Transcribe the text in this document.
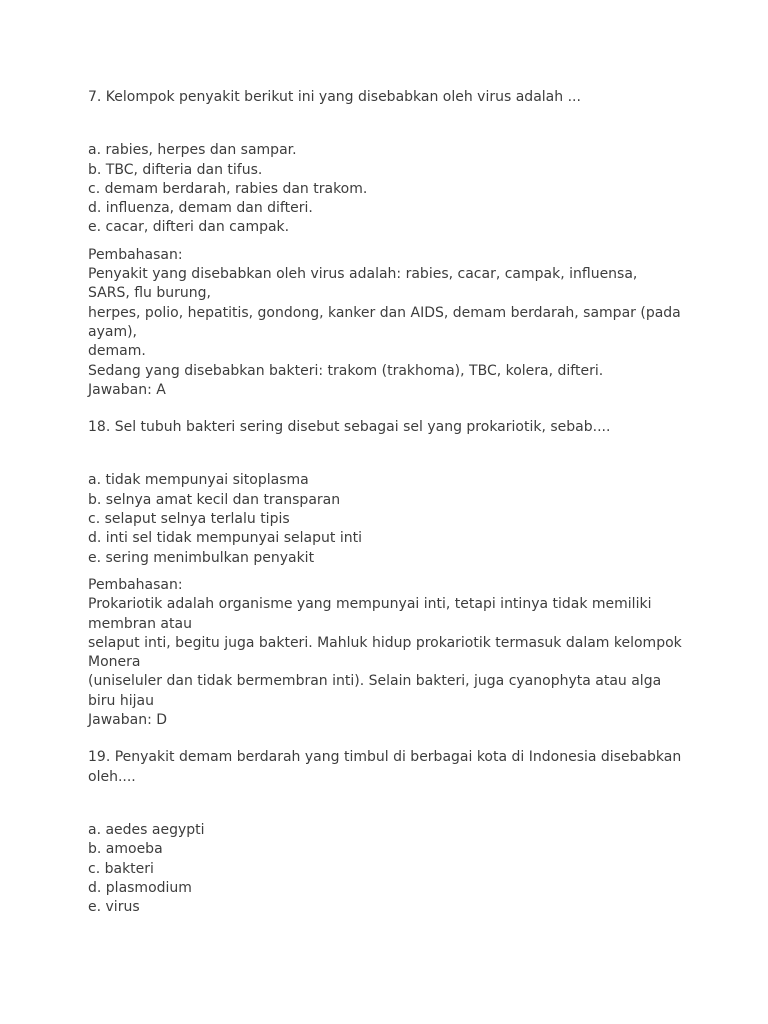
7. Kelompok penyakit berikut ini yang disebabkan oleh virus adalah ...
a. rabies, herpes dan sampar.
b. TBC, difteria dan tifus.
c. demam berdarah, rabies dan trakom.
d. influenza, demam dan difteri.
e. cacar, difteri dan campak.
Pembahasan:
Penyakit yang disebabkan oleh virus adalah: rabies, cacar, campak, influensa,
SARS, flu burung,
herpes, polio, hepatitis, gondong, kanker dan AIDS, demam berdarah, sampar (pada
ayam),
demam.
Sedang yang disebabkan bakteri: trakom (trakhoma), TBC, kolera, difteri.
Jawaban: A
18. Sel tubuh bakteri sering disebut sebagai sel yang prokariotik, sebab....
a. tidak mempunyai sitoplasma
b. selnya amat kecil dan transparan
c. selaput selnya terlalu tipis
d. inti sel tidak mempunyai selaput inti
e. sering menimbulkan penyakit
Pembahasan:
Prokariotik adalah organisme yang mempunyai inti, tetapi intinya tidak memiliki
membran atau
selaput inti, begitu juga bakteri. Mahluk hidup prokariotik termasuk dalam kelompok
Monera
(uniseluler dan tidak bermembran inti). Selain bakteri, juga cyanophyta atau alga
biru hijau
Jawaban: D
19. Penyakit demam berdarah yang timbul di berbagai kota di Indonesia disebabkan
oleh....
a. aedes aegypti
b. amoeba
c. bakteri
d. plasmodium
e. virus
